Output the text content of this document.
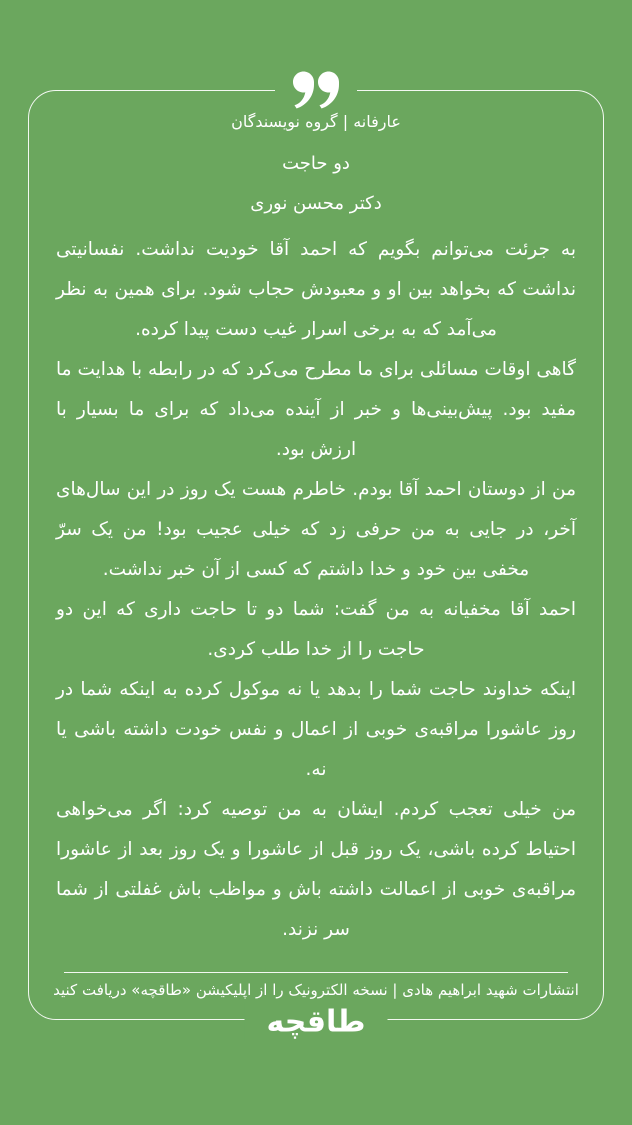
عارفانه | گروه نویسندگان
دو حاجت
دکتر محسن نوری

به جرئت می‌توانم بگویم که احمد آقا خودیت نداشت. نفسانیتی نداشت که بخواهد بین او و معبودش حجاب شود. برای همین به نظر می‌آمد که به برخی اسرار غیب دست پیدا کرده.

گاهی اوقات مسائلی برای ما مطرح می‌کرد که در رابطه با هدایت ما مفید بود. پیش‌بینی‌ها و خبر از آینده می‌داد که برای ما بسیار با ارزش بود.

من از دوستان احمد آقا بودم. خاطرم هست یک روز در این سال‌های آخر، در جایی به من حرفی زد که خیلی عجیب بود! من یک سرّ مخفی بین خود و خدا داشتم که کسی از آن خبر نداشت.

احمد آقا مخفیانه به من گفت: شما دو تا حاجت داری که این دو حاجت را از خدا طلب کردی.

اینکه خداوند حاجت شما را بدهد یا نه موکول کرده به اینکه شما در روز عاشورا مراقبه‌ی خوبی از اعمال و نفس خودت داشته باشی یا نه.

من خیلی تعجب کردم. ایشان به من توصیه کرد: اگر می‌خواهی احتیاط کرده باشی، یک روز قبل از عاشورا و یک روز بعد از عاشورا مراقبه‌ی خوبی از اعمالت داشته باش و مواظب باش غفلتی از شما سر نزند.

انتشارات شهید ابراهیم هادی | نسخه الکترونیک را از اپلیکیشن «طاقچه» دریافت کنید
طاقچه
